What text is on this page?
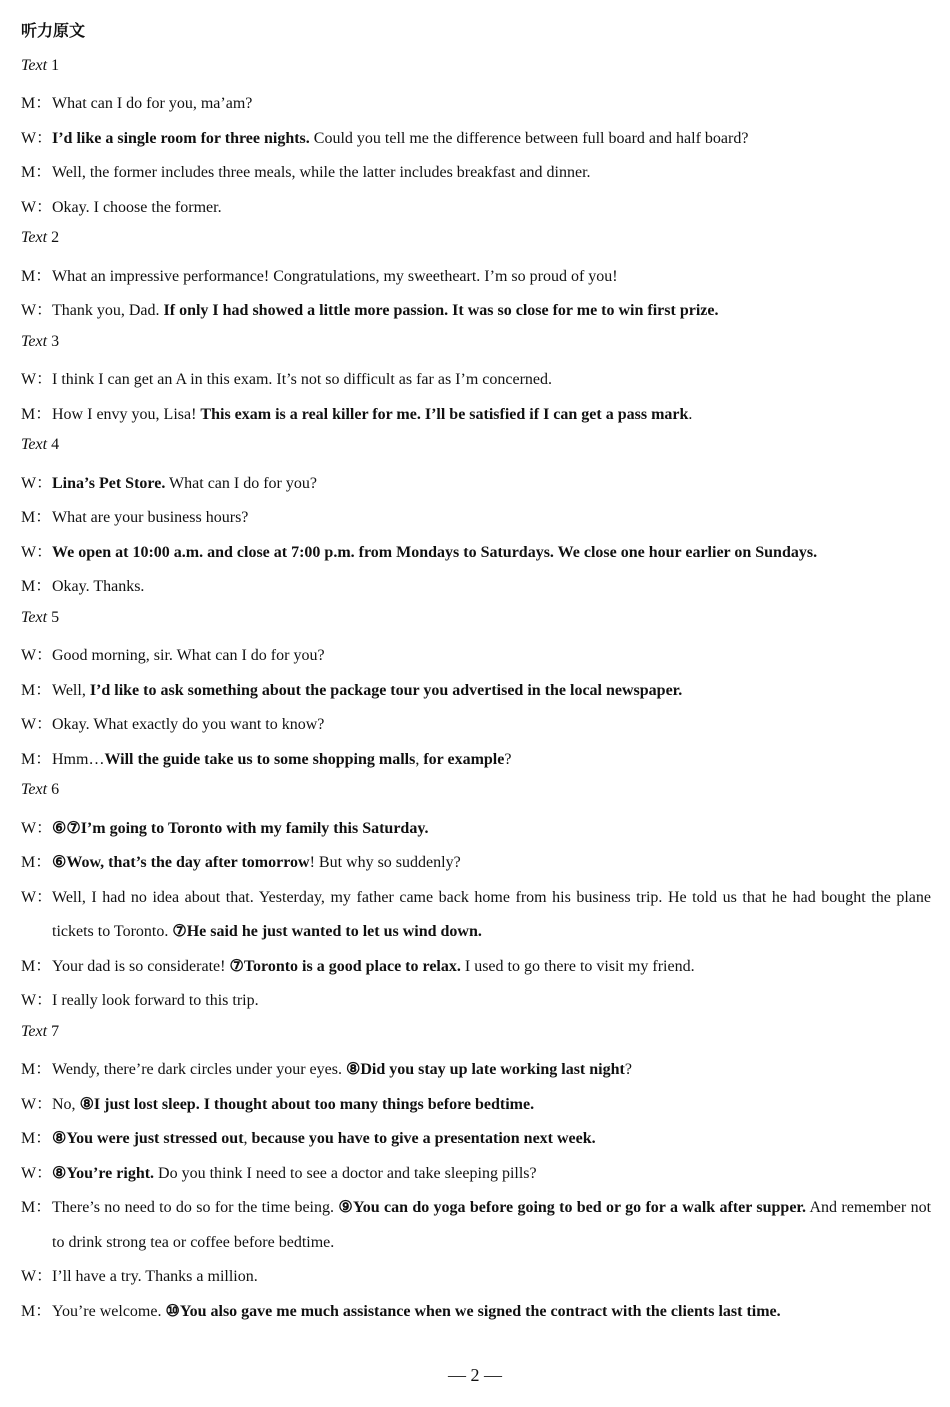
听力原文
Text 1
M：What can I do for you, ma’am?
W：I’d like a single room for three nights. Could you tell me the difference between full board and half board?
M：Well, the former includes three meals, while the latter includes breakfast and dinner.
W：Okay. I choose the former.
Text 2
M：What an impressive performance! Congratulations, my sweetheart. I’m so proud of you!
W：Thank you, Dad. If only I had showed a little more passion. It was so close for me to win first prize.
Text 3
W：I think I can get an A in this exam. It’s not so difficult as far as I’m concerned.
M：How I envy you, Lisa! This exam is a real killer for me. I’ll be satisfied if I can get a pass mark.
Text 4
W：Lina’s Pet Store. What can I do for you?
M：What are your business hours?
W：We open at 10:00 a.m. and close at 7:00 p.m. from Mondays to Saturdays. We close one hour earlier on Sundays.
M：Okay. Thanks.
Text 5
W：Good morning, sir. What can I do for you?
M：Well, I’d like to ask something about the package tour you advertised in the local newspaper.
W：Okay. What exactly do you want to know?
M：Hmm…Will the guide take us to some shopping malls, for example?
Text 6
W：⑥⑦I’m going to Toronto with my family this Saturday.
M：⑥Wow, that’s the day after tomorrow! But why so suddenly?
W：Well, I had no idea about that. Yesterday, my father came back home from his business trip. He told us that he had bought the plane tickets to Toronto. ⑦He said he just wanted to let us wind down.
M：Your dad is so considerate! ⑦Toronto is a good place to relax. I used to go there to visit my friend.
W：I really look forward to this trip.
Text 7
M：Wendy, there’re dark circles under your eyes. ⑧Did you stay up late working last night?
W：No, ⑧I just lost sleep. I thought about too many things before bedtime.
M：⑧You were just stressed out, because you have to give a presentation next week.
W：⑧You’re right. Do you think I need to see a doctor and take sleeping pills?
M：There’s no need to do so for the time being. ⑨You can do yoga before going to bed or go for a walk after supper. And remember not to drink strong tea or coffee before bedtime.
W：I’ll have a try. Thanks a million.
M：You’re welcome. ⑩You also gave me much assistance when we signed the contract with the clients last time.
— 2 —
